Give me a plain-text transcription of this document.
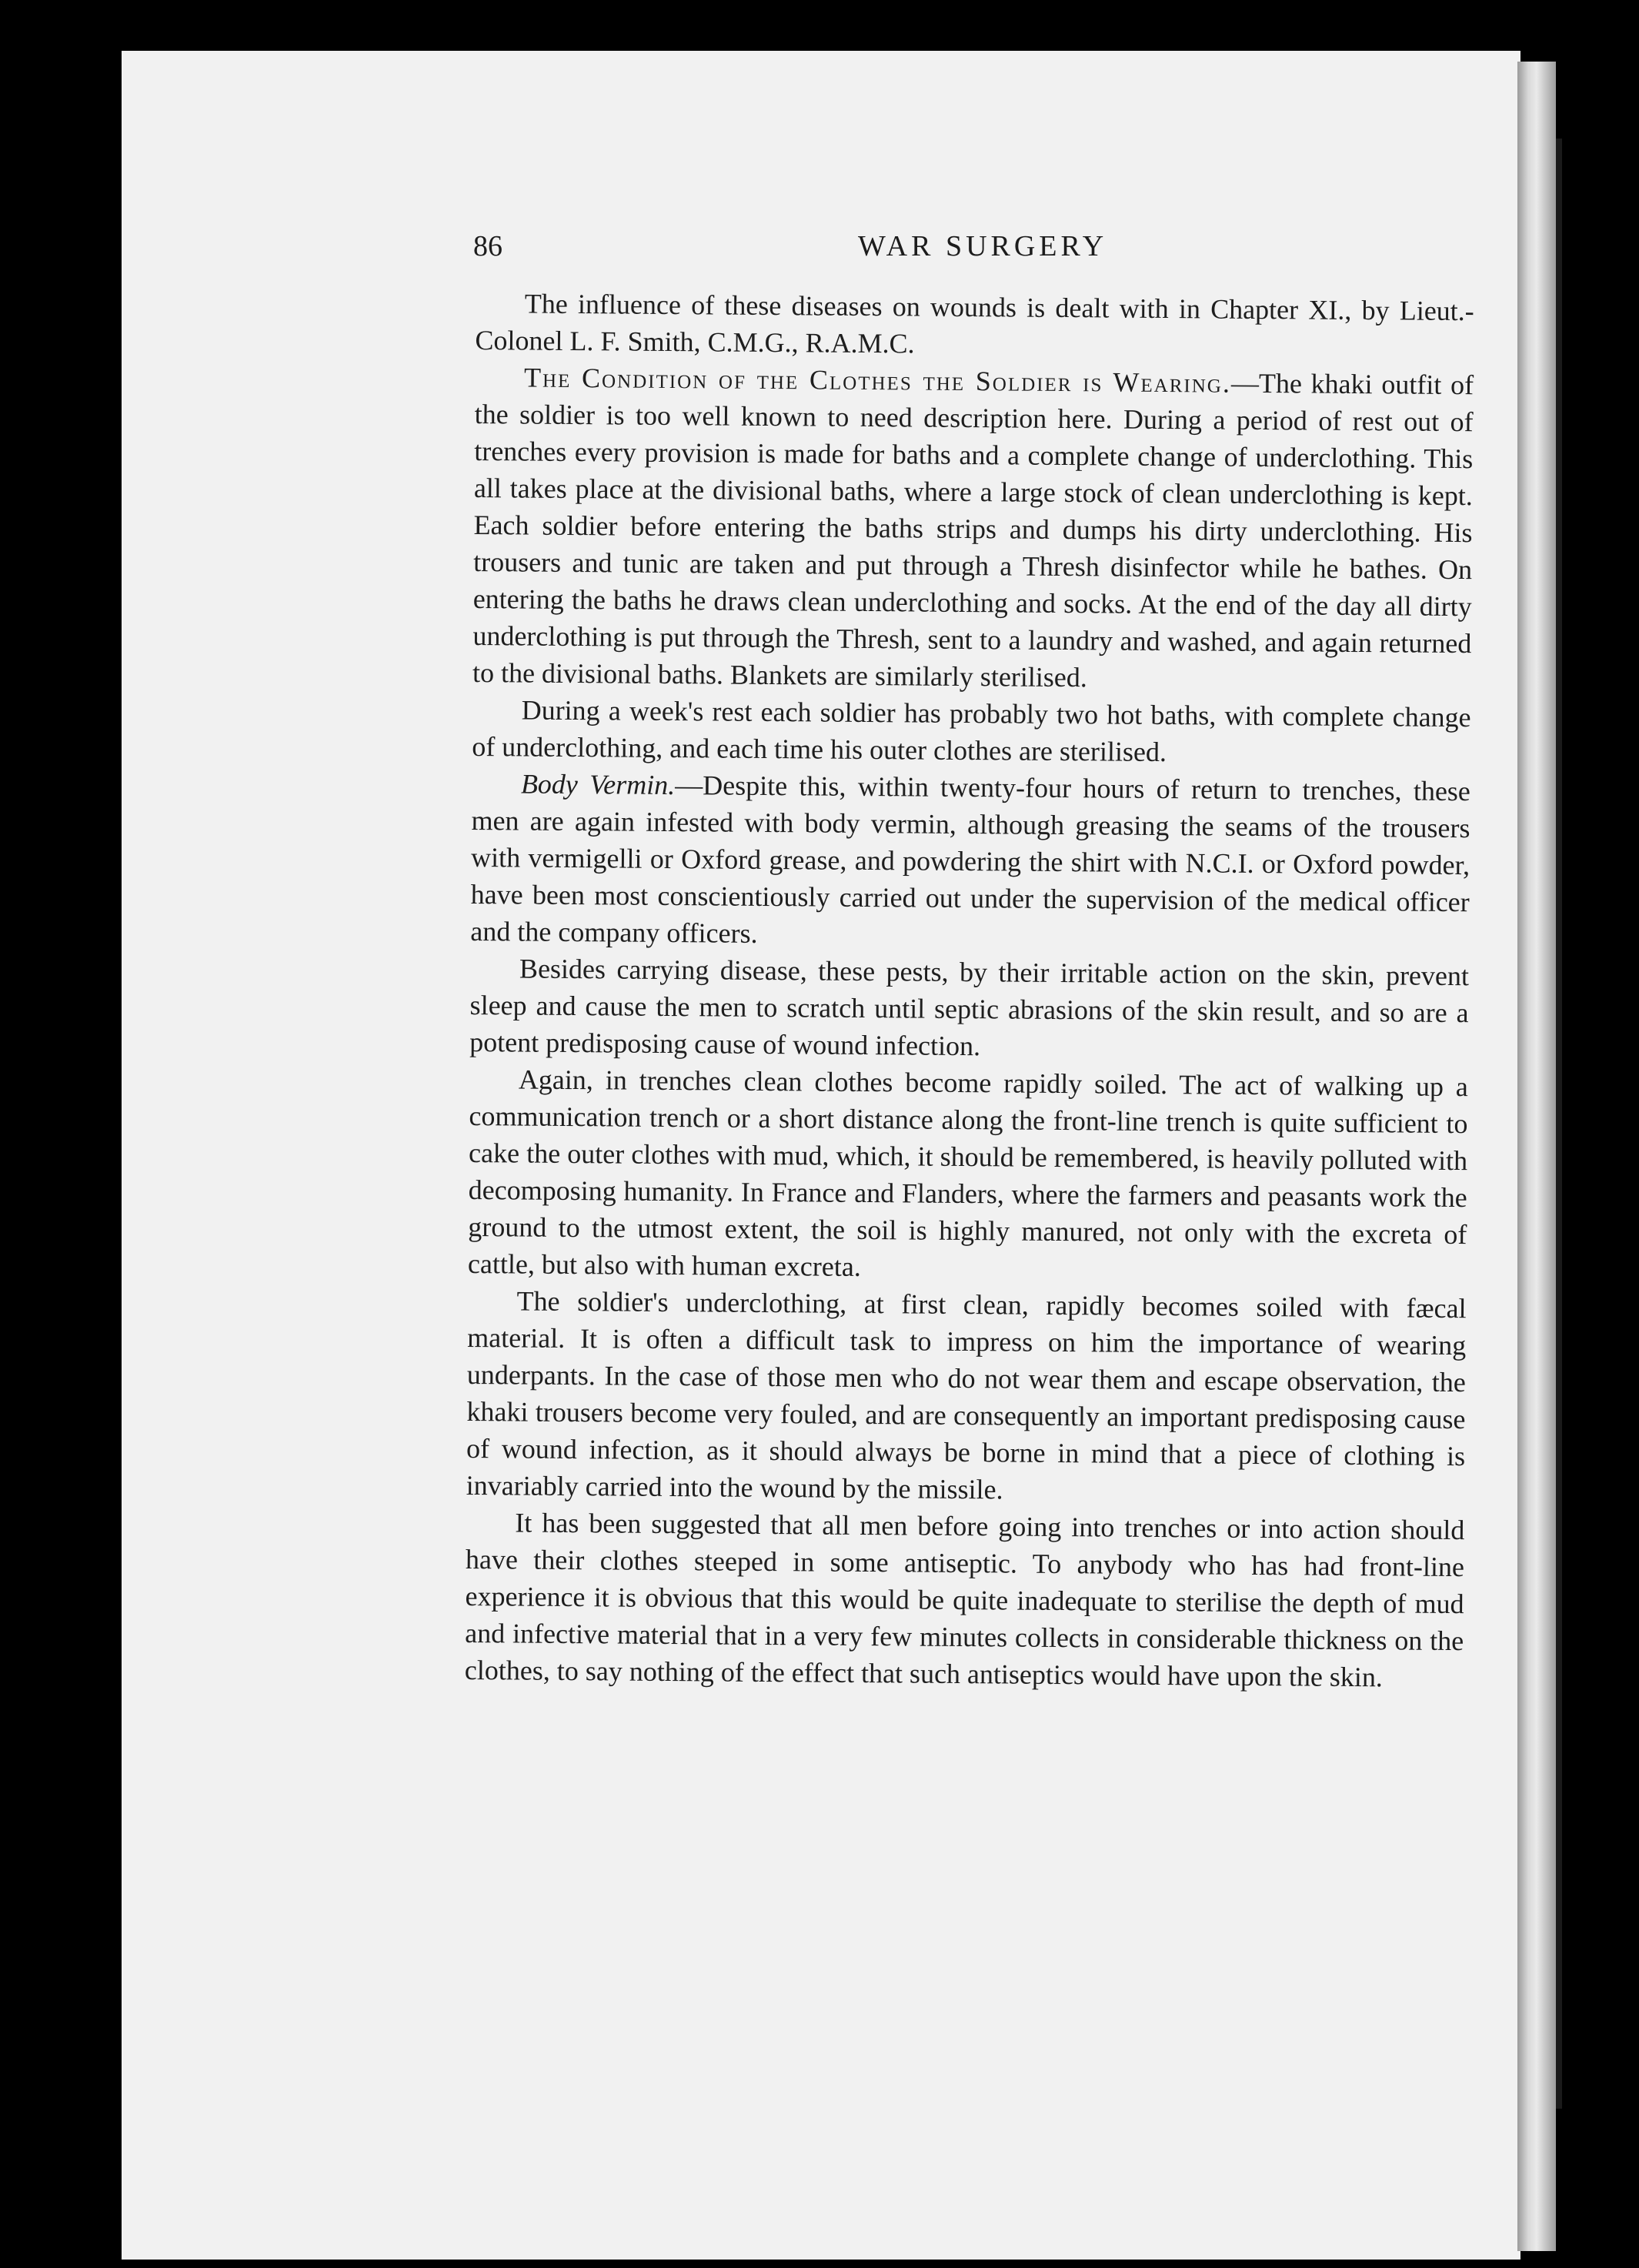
86	WAR SURGERY

The influence of these diseases on wounds is dealt with in Chapter XI., by Lieut.-Colonel L. F. Smith, C.M.G., R.A.M.C.

The Condition of the Clothes the Soldier is Wearing.—The khaki outfit of the soldier is too well known to need description here. During a period of rest out of trenches every provision is made for baths and a complete change of underclothing. This all takes place at the divisional baths, where a large stock of clean underclothing is kept. Each soldier before entering the baths strips and dumps his dirty underclothing. His trousers and tunic are taken and put through a Thresh disinfector while he bathes. On entering the baths he draws clean underclothing and socks. At the end of the day all dirty underclothing is put through the Thresh, sent to a laundry and washed, and again returned to the divisional baths. Blankets are similarly sterilised.

During a week's rest each soldier has probably two hot baths, with complete change of underclothing, and each time his outer clothes are sterilised.

Body Vermin.—Despite this, within twenty-four hours of return to trenches, these men are again infested with body vermin, although greasing the seams of the trousers with vermigelli or Oxford grease, and powdering the shirt with N.C.I. or Oxford powder, have been most conscientiously carried out under the supervision of the medical officer and the company officers.

Besides carrying disease, these pests, by their irritable action on the skin, prevent sleep and cause the men to scratch until septic abrasions of the skin result, and so are a potent predisposing cause of wound infection.

Again, in trenches clean clothes become rapidly soiled. The act of walking up a communication trench or a short distance along the front-line trench is quite sufficient to cake the outer clothes with mud, which, it should be remembered, is heavily polluted with decomposing humanity. In France and Flanders, where the farmers and peasants work the ground to the utmost extent, the soil is highly manured, not only with the excreta of cattle, but also with human excreta.

The soldier's underclothing, at first clean, rapidly becomes soiled with fæcal material. It is often a difficult task to impress on him the importance of wearing underpants. In the case of those men who do not wear them and escape observation, the khaki trousers become very fouled, and are consequently an important predisposing cause of wound infection, as it should always be borne in mind that a piece of clothing is invariably carried into the wound by the missile.

It has been suggested that all men before going into trenches or into action should have their clothes steeped in some antiseptic. To anybody who has had front-line experience it is obvious that this would be quite inadequate to sterilise the depth of mud and infective material that in a very few minutes collects in considerable thickness on the clothes, to say nothing of the effect that such antiseptics would have upon the skin.
